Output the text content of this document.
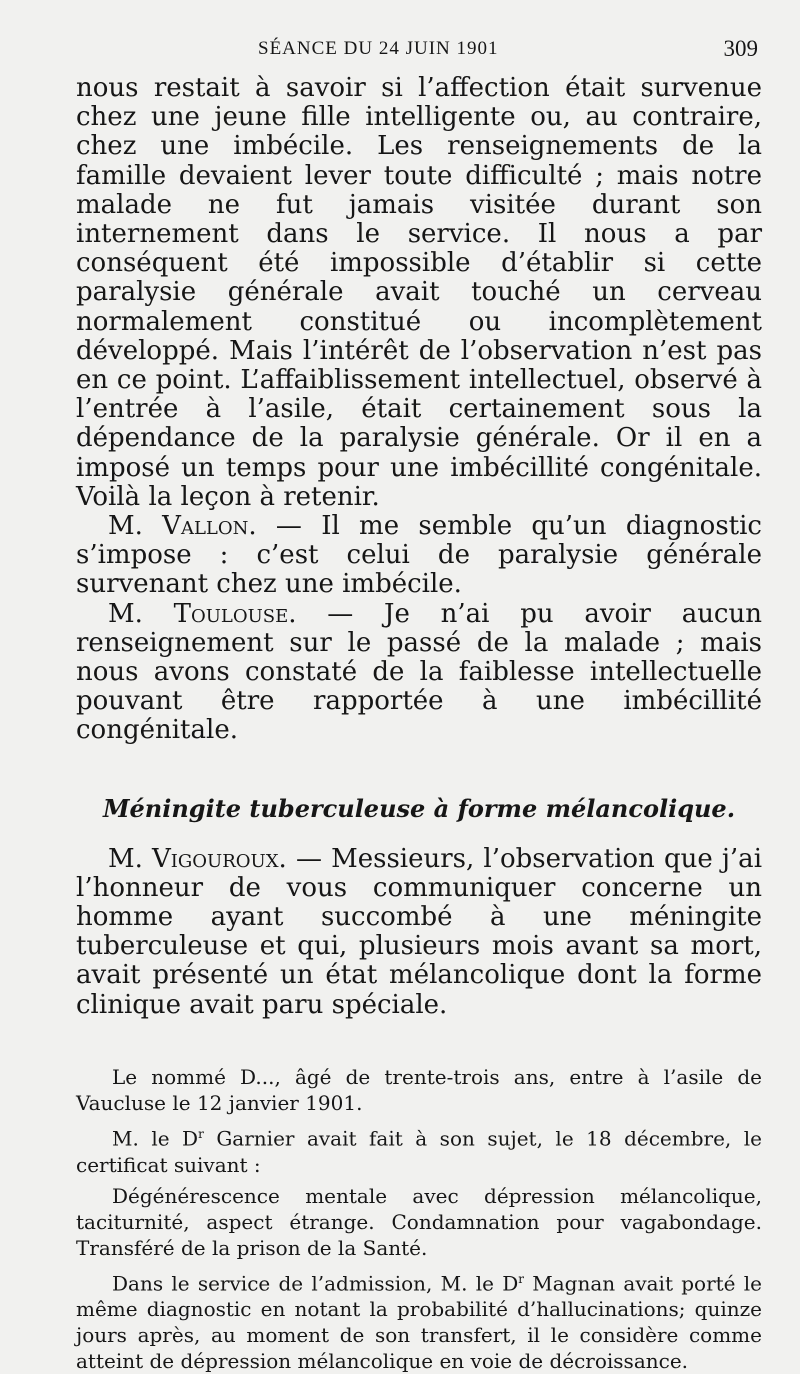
SÉANCE DU 24 JUIN 1901	309

nous restait à savoir si l’affection était survenue chez une jeune fille intelligente ou, au contraire, chez une imbécile. Les renseignements de la famille devaient lever toute difficulté ; mais notre malade ne fut jamais visitée durant son internement dans le service. Il nous a par conséquent été impossible d’établir si cette paralysie générale avait touché un cerveau normalement constitué ou incomplètement développé. Mais l’intérêt de l’observation n’est pas en ce point. L’affaiblissement intellectuel, observé à l’entrée à l’asile, était certainement sous la dépendance de la paralysie générale. Or il en a imposé un temps pour une imbécillité congénitale. Voilà la leçon à retenir.

M. Vallon. — Il me semble qu’un diagnostic s’impose : c’est celui de paralysie générale survenant chez une imbécile.

M. Toulouse. — Je n’ai pu avoir aucun renseignement sur le passé de la malade ; mais nous avons constaté de la faiblesse intellectuelle pouvant être rapportée à une imbécillité congénitale.

Méningite tuberculeuse à forme mélancolique.

M. Vigouroux. — Messieurs, l’observation que j’ai l’honneur de vous communiquer concerne un homme ayant succombé à une méningite tuberculeuse et qui, plusieurs mois avant sa mort, avait présenté un état mélancolique dont la forme clinique avait paru spéciale.

Le nommé D..., âgé de trente-trois ans, entre à l’asile de Vaucluse le 12 janvier 1901.

M. le $D^r$ Garnier avait fait à son sujet, le 18 décembre, le certificat suivant :

Dégénérescence mentale avec dépression mélancolique, taciturnité, aspect étrange. Condamnation pour vagabondage. Transféré de la prison de la Santé.

Dans le service de l’admission, M. le $D^r$ Magnan avait porté le même diagnostic en notant la probabilité d’hallucinations; quinze jours après, au moment de son transfert, il le considère comme atteint de dépression mélancolique en voie de décroissance.
